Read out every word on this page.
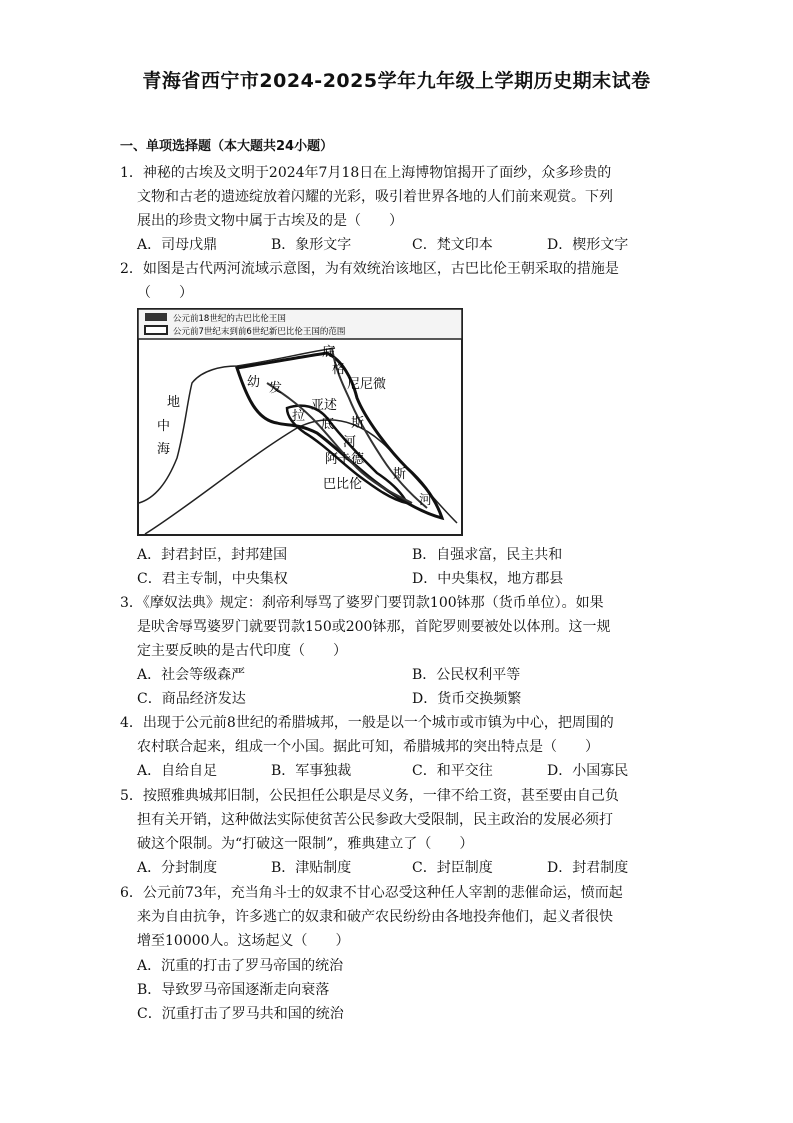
青海省西宁市2024-2025学年九年级上学期历史期末试卷
一、单项选择题（本大题共24小题）
1．神秘的古埃及文明于2024年7月18日在上海博物馆揭开了面纱，众多珍贵的
文物和古老的遗迹绽放着闪耀的光彩，吸引着世界各地的人们前来观赏。下列
展出的珍贵文物中属于古埃及的是（　　）
A．司母戊鼎	B．象形文字	C．梵文印本	D．楔形文字
2．如图是古代两河流域示意图，为有效统治该地区，古巴比伦王朝采取的措施是
（　　）
公元前18世纪的古巴比伦王国
公元前7世纪末到前6世纪新巴比伦王国的范围
地
中
海
底
格
尼尼微
幼 发
拉
亚述
底 斯
河
阿卡德
巴比伦
斯
河
A．封君封臣，封邦建国	B．自强求富，民主共和
C．君主专制，中央集权	D．中央集权，地方郡县
3．《摩奴法典》规定：刹帝利辱骂了婆罗门要罚款100钵那（货币单位）。如果
是吠舍辱骂婆罗门就要罚款150或200钵那，首陀罗则要被处以体刑。这一规
定主要反映的是古代印度（　　）
A．社会等级森严	B．公民权利平等
C．商品经济发达	D．货币交换频繁
4．出现于公元前8世纪的希腊城邦，一般是以一个城市或市镇为中心，把周围的
农村联合起来，组成一个小国。据此可知，希腊城邦的突出特点是（　　）
A．自给自足	B．军事独裁	C．和平交往	D．小国寡民
5．按照雅典城邦旧制，公民担任公职是尽义务，一律不给工资，甚至要由自己负
担有关开销，这种做法实际使贫苦公民参政大受限制，民主政治的发展必须打
破这个限制。为“打破这一限制”，雅典建立了（　　）
A．分封制度	B．津贴制度	C．封臣制度	D．封君制度
6．公元前73年，充当角斗士的奴隶不甘心忍受这种任人宰割的悲催命运，愤而起
来为自由抗争，许多逃亡的奴隶和破产农民纷纷由各地投奔他们，起义者很快
增至10000人。这场起义（　　）
A．沉重的打击了罗马帝国的统治
B．导致罗马帝国逐渐走向衰落
C．沉重打击了罗马共和国的统治
